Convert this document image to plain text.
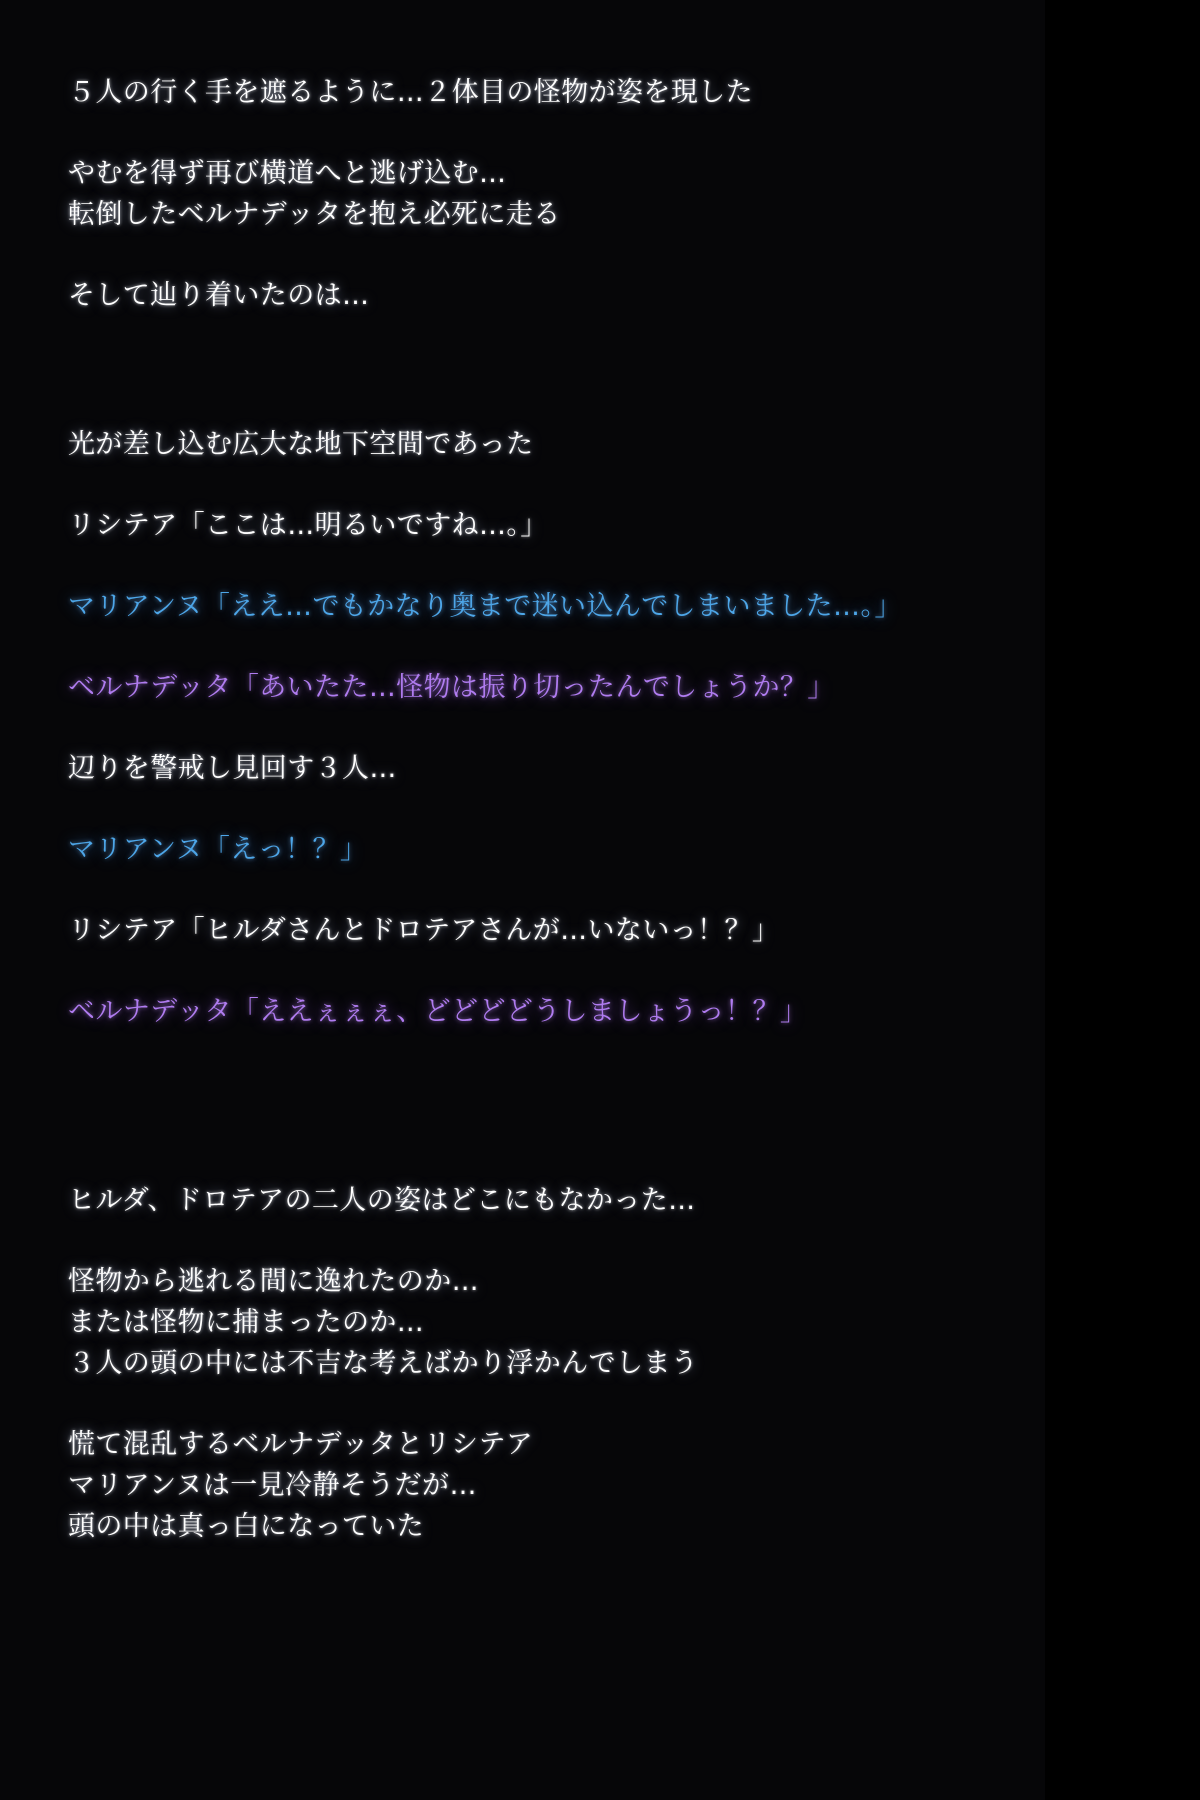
５人の行く手を遮るように…２体目の怪物が姿を現した
やむを得ず再び横道へと逃げ込む…
転倒したベルナデッタを抱え必死に走る
そして辿り着いたのは…
光が差し込む広大な地下空間であった
リシテア「ここは…明るいですね…。」
マリアンヌ「ええ…でもかなり奥まで迷い込んでしまいました…。」
ベルナデッタ「あいたた…怪物は振り切ったんでしょうか？」
辺りを警戒し見回す３人…
マリアンヌ「えっ！？」
リシテア「ヒルダさんとドロテアさんが…いないっ！？」
ベルナデッタ「ええぇぇぇ、どどどどうしましょうっ！？」
ヒルダ、ドロテアの二人の姿はどこにもなかった…
怪物から逃れる間に逸れたのか…
または怪物に捕まったのか…
３人の頭の中には不吉な考えばかり浮かんでしまう
慌て混乱するベルナデッタとリシテア
マリアンヌは一見冷静そうだが…
頭の中は真っ白になっていた
